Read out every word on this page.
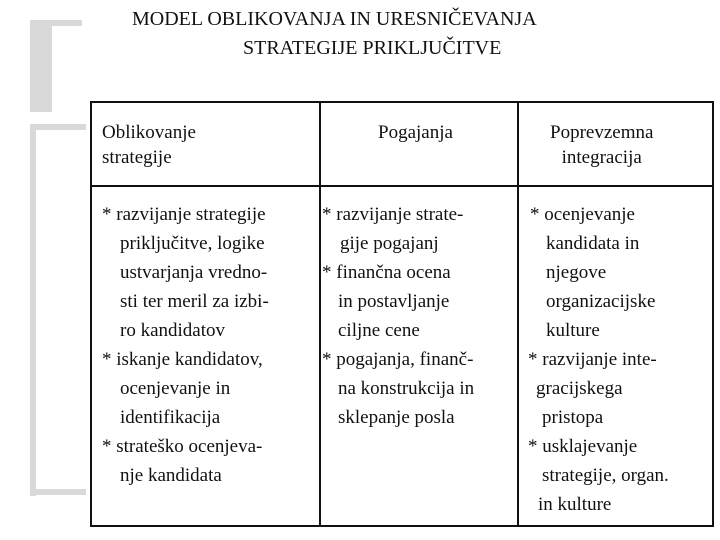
MODEL OBLIKOVANJA IN URESNIČEVANJA
STRATEGIJE PRIKLJUČITVE
Oblikovanje
strategije
Pogajanja	Poprevzemna
integracija
* razvijanje strategije
priključitve, logike
ustvarjanja vredno-
sti ter meril za izbi-
ro kandidatov
* iskanje kandidatov,
ocenjevanje in
identifikacija
* strateško ocenjeva-
nje kandidata
* razvijanje strate-
gije pogajanj
* finančna ocena
in postavljanje
ciljne cene
* pogajanja, finanč-
na konstrukcija in
sklepanje posla
* ocenjevanje
kandidata in
njegove
organizacijske
kulture
* razvijanje inte-
gracijskega
pristopa
* usklajevanje
strategije, organ.
in kulture
